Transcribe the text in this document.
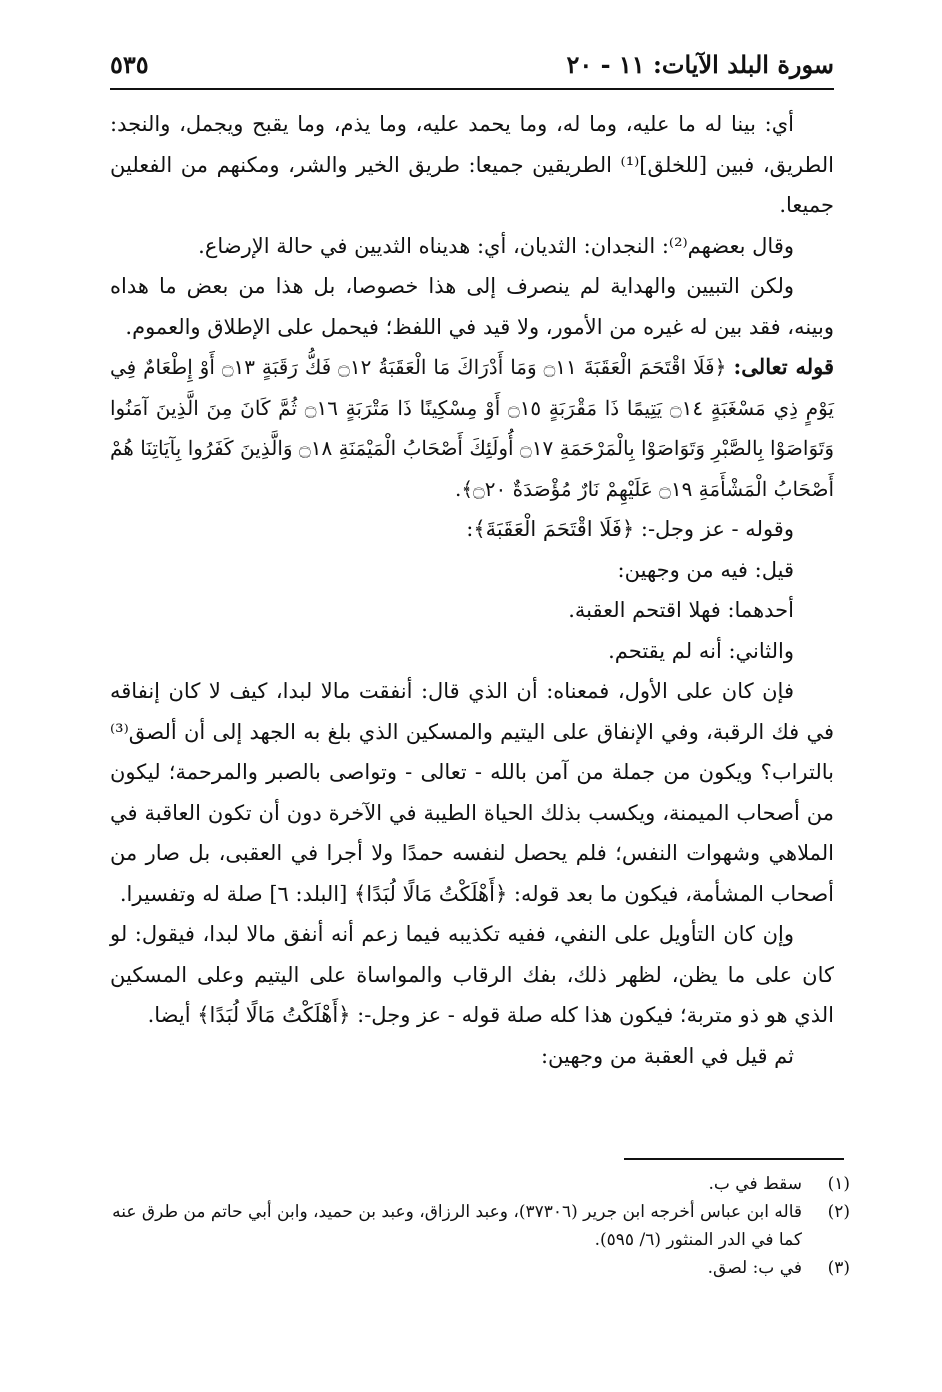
سورة البلد الآيات: ١١ - ٢٠
٥٣٥

أي: بينا له ما عليه، وما له، وما يحمد عليه، وما يذم، وما يقبح ويجمل، والنجد: الطريق، فبين [للخلق]⁽¹⁾ الطريقين جميعا: طريق الخير والشر، ومكنهم من الفعلين جميعا.

وقال بعضهم⁽²⁾: النجدان: الثديان، أي: هديناه الثديين في حالة الإرضاع.

ولكن التبيين والهداية لم ينصرف إلى هذا خصوصا، بل هذا من بعض ما هداه وبينه، فقد بين له غيره من الأمور، ولا قيد في اللفظ؛ فيحمل على الإطلاق والعموم.

قوله تعالى: ﴿فَلَا اقْتَحَمَ الْعَقَبَةَ ۝١١ وَمَا أَدْرَاكَ مَا الْعَقَبَةُ ۝١٢ فَكُّ رَقَبَةٍ ۝١٣ أَوْ إِطْعَامٌ فِي يَوْمٍ ذِي مَسْغَبَةٍ ۝١٤ يَتِيمًا ذَا مَقْرَبَةٍ ۝١٥ أَوْ مِسْكِينًا ذَا مَتْرَبَةٍ ۝١٦ ثُمَّ كَانَ مِنَ الَّذِينَ آمَنُوا وَتَوَاصَوْا بِالصَّبْرِ وَتَوَاصَوْا بِالْمَرْحَمَةِ ۝١٧ أُولَئِكَ أَصْحَابُ الْمَيْمَنَةِ ۝١٨ وَالَّذِينَ كَفَرُوا بِآيَاتِنَا هُمْ أَصْحَابُ الْمَشْأَمَةِ ۝١٩ عَلَيْهِمْ نَارٌ مُؤْصَدَةٌ ۝٢٠﴾.

وقوله - عز وجل-: ﴿فَلَا اقْتَحَمَ الْعَقَبَةَ﴾:

قيل: فيه من وجهين:

أحدهما: فهلا اقتحم العقبة.

والثاني: أنه لم يقتحم.

فإن كان على الأول، فمعناه: أن الذي قال: أنفقت مالا لبدا، كيف لا كان إنفاقه في فك الرقبة، وفي الإنفاق على اليتيم والمسكين الذي بلغ به الجهد إلى أن ألصق⁽³⁾ بالتراب؟ ويكون من جملة من آمن بالله - تعالى - وتواصى بالصبر والمرحمة؛ ليكون من أصحاب الميمنة، ويكسب بذلك الحياة الطيبة في الآخرة دون أن تكون العاقبة في الملاهي وشهوات النفس؛ فلم يحصل لنفسه حمدًا ولا أجرا في العقبى، بل صار من أصحاب المشأمة، فيكون ما بعد قوله: ﴿أَهْلَكْتُ مَالًا لُبَدًا﴾ [البلد: ٦] صلة له وتفسيرا.

وإن كان التأويل على النفي، ففيه تكذيبه فيما زعم أنه أنفق مالا لبدا، فيقول: لو كان على ما يظن، لظهر ذلك، بفك الرقاب والمواساة على اليتيم وعلى المسكين الذي هو ذو متربة؛ فيكون هذا كله صلة قوله - عز وجل-: ﴿أَهْلَكْتُ مَالًا لُبَدًا﴾ أيضا.

ثم قيل في العقبة من وجهين:

(١)
سقط في ب.

(٢)
قاله ابن عباس أخرجه ابن جرير (٣٧٣٠٦)، وعبد الرزاق، وعبد بن حميد، وابن أبي حاتم من طرق عنه كما في الدر المنثور (٦/ ٥٩٥).

(٣)
في ب: لصق.
